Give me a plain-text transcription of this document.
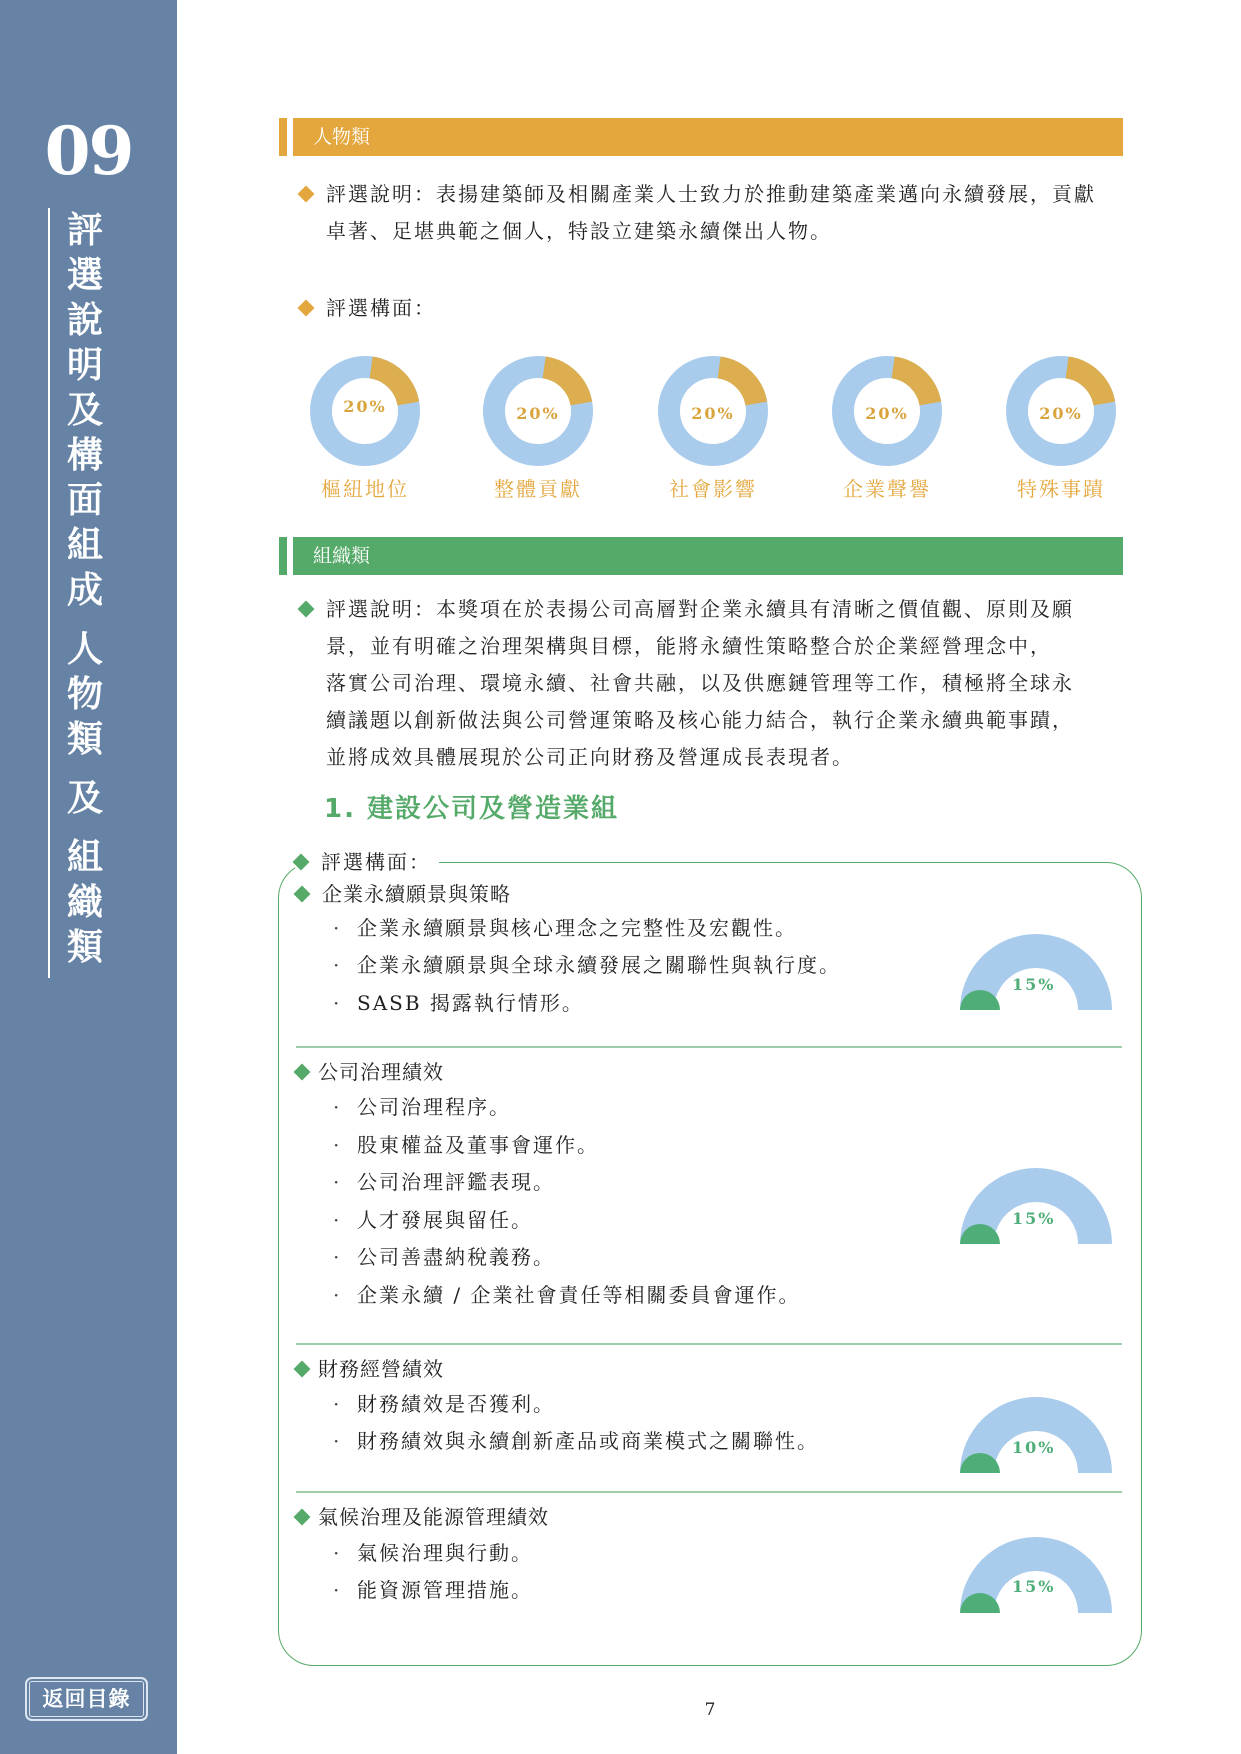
09
評
選
說
明
及
構
面
組
成
人
物
類
及
組
織
類
返回目錄
人物類
評選說明：表揚建築師及相關產業人士致力於推動建築產業邁向永續發展，貢獻
卓著、足堪典範之個人，特設立建築永續傑出人物。
評選構面：
20%
樞紐地位
20%
整體貢獻
20%
社會影響
20%
企業聲譽
20%
特殊事蹟
組織類
評選說明：本獎項在於表揚公司高層對企業永續具有清晰之價值觀、原則及願
景，並有明確之治理架構與目標，能將永續性策略整合於企業經營理念中，
落實公司治理、環境永續、社會共融，以及供應鏈管理等工作，積極將全球永
續議題以創新做法與公司營運策略及核心能力結合，執行企業永續典範事蹟，
並將成效具體展現於公司正向財務及營運成長表現者。
1. 建設公司及營造業組
評選構面：
企業永續願景與策略
· 企業永續願景與核心理念之完整性及宏觀性。
· 企業永續願景與全球永續發展之關聯性與執行度。
· SASB 揭露執行情形。
15%
公司治理績效
· 公司治理程序。
· 股東權益及董事會運作。
· 公司治理評鑑表現。
· 人才發展與留任。
· 公司善盡納稅義務。
· 企業永續 / 企業社會責任等相關委員會運作。
15%
財務經營績效
· 財務績效是否獲利。
· 財務績效與永續創新產品或商業模式之關聯性。	10%
氣候治理及能源管理績效
· 氣候治理與行動。
· 能資源管理措施。	15%
7
